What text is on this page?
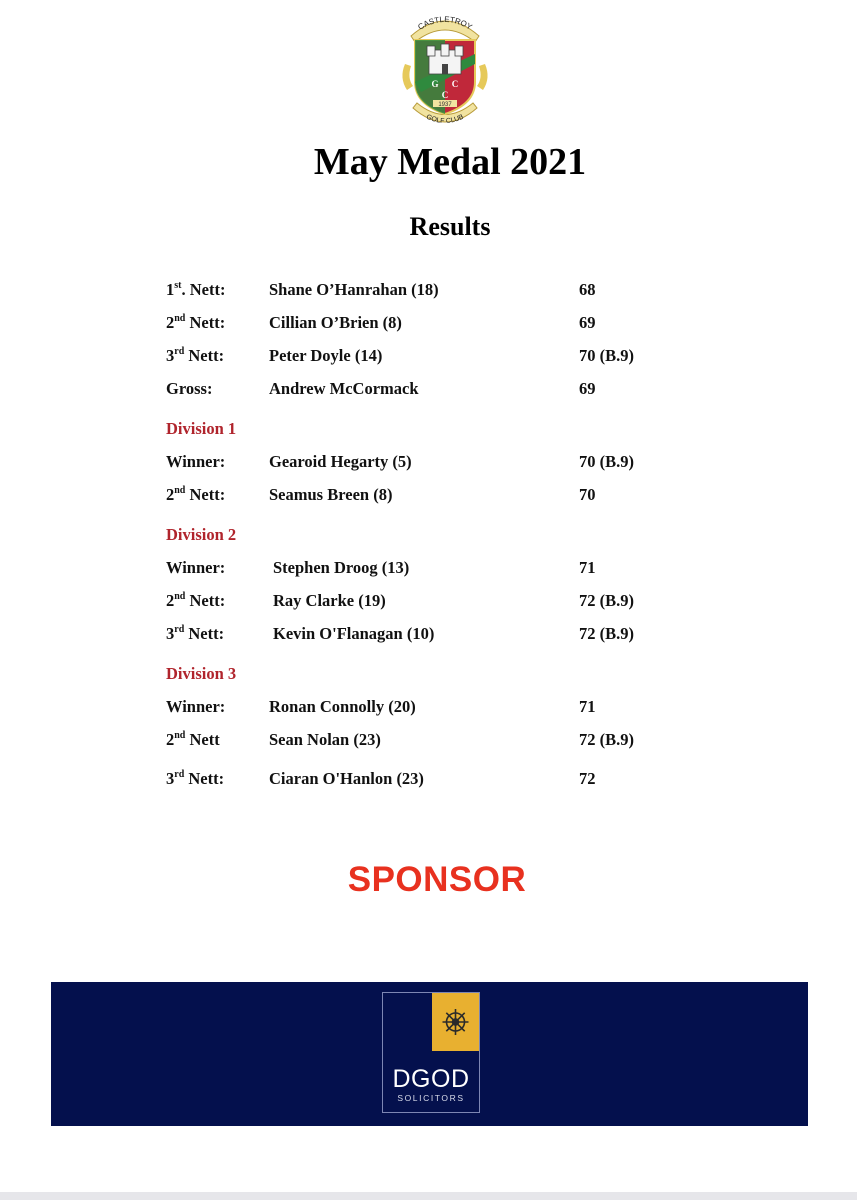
1937
G C
C
CASTLETROY
GOLF CLUB
May Medal 2021
Results
1st. Nett:	Shane O’Hanrahan (18)	68
2nd Nett:	Cillian O’Brien (8)	69
3rd Nett:	Peter Doyle (14)	70 (B.9)
Gross:	Andrew McCormack	69
Division 1
Winner:	Gearoid Hegarty (5)	70 (B.9)
2nd Nett:	Seamus Breen (8)	70
Division 2
Winner:	Stephen Droog (13)	71
2nd Nett:	Ray Clarke (19)	72 (B.9)
3rd Nett:	Kevin O'Flanagan (10)	72 (B.9)
Division 3
Winner:	Ronan Connolly (20)	71
2nd Nett	Sean Nolan (23)	72 (B.9)
3rd Nett:	Ciaran O'Hanlon (23)	72
SPONSOR
DGOD
SOLICITORS
